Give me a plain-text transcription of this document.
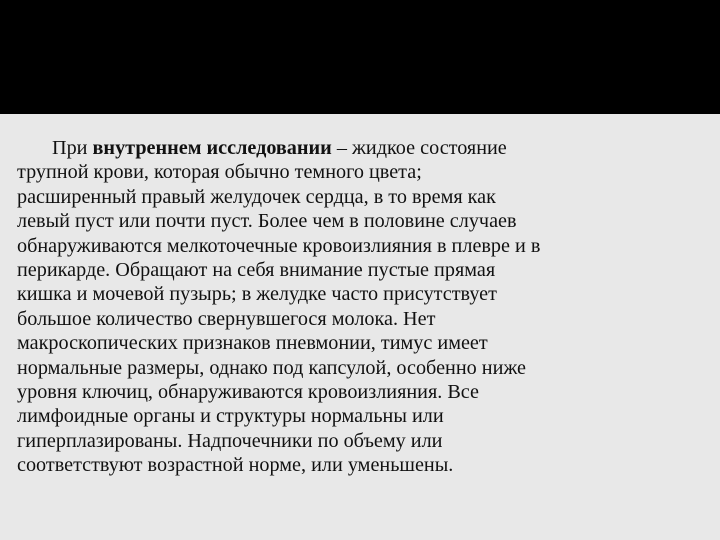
При внутреннем исследовании – жидкое состояние
трупной крови, которая обычно темного цвета;
расширенный правый желудочек сердца, в то время как
левый пуст или почти пуст. Более чем в половине случаев
обнаруживаются мелкоточечные кровоизлияния в плевре и в
перикарде. Обращают на себя внимание пустые прямая
кишка и мочевой пузырь; в желудке часто присутствует
большое количество свернувшегося молока. Нет
макроскопических признаков пневмонии, тимус имеет
нормальные размеры, однако под капсулой, особенно ниже
уровня ключиц, обнаруживаются кровоизлияния. Все
лимфоидные органы и структуры нормальны или
гиперплазированы. Надпочечники по объему или
соответствуют возрастной норме, или уменьшены.
